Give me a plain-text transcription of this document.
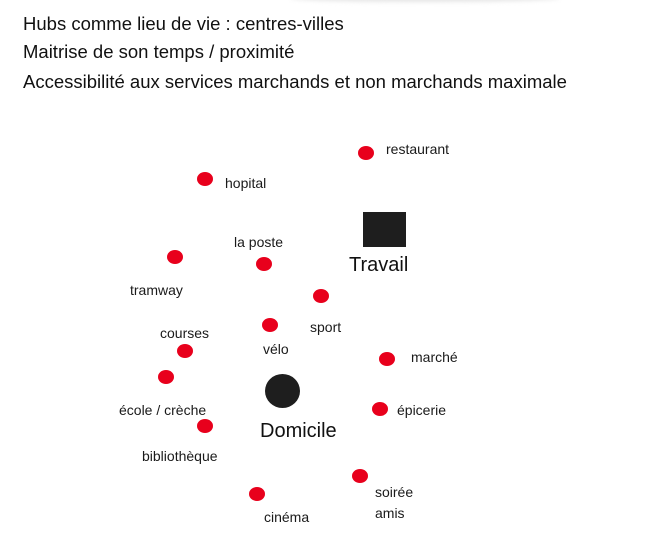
Hubs comme lieu de vie : centres-villes
Maitrise de son temps / proximité
Accessibilité aux services marchands et non marchands maximale
restaurant
hopital
Travail
la poste
tramway
sport
vélo
courses
marché
école / crèche
Domicile
épicerie
bibliothèque
soirée
amis
cinéma
